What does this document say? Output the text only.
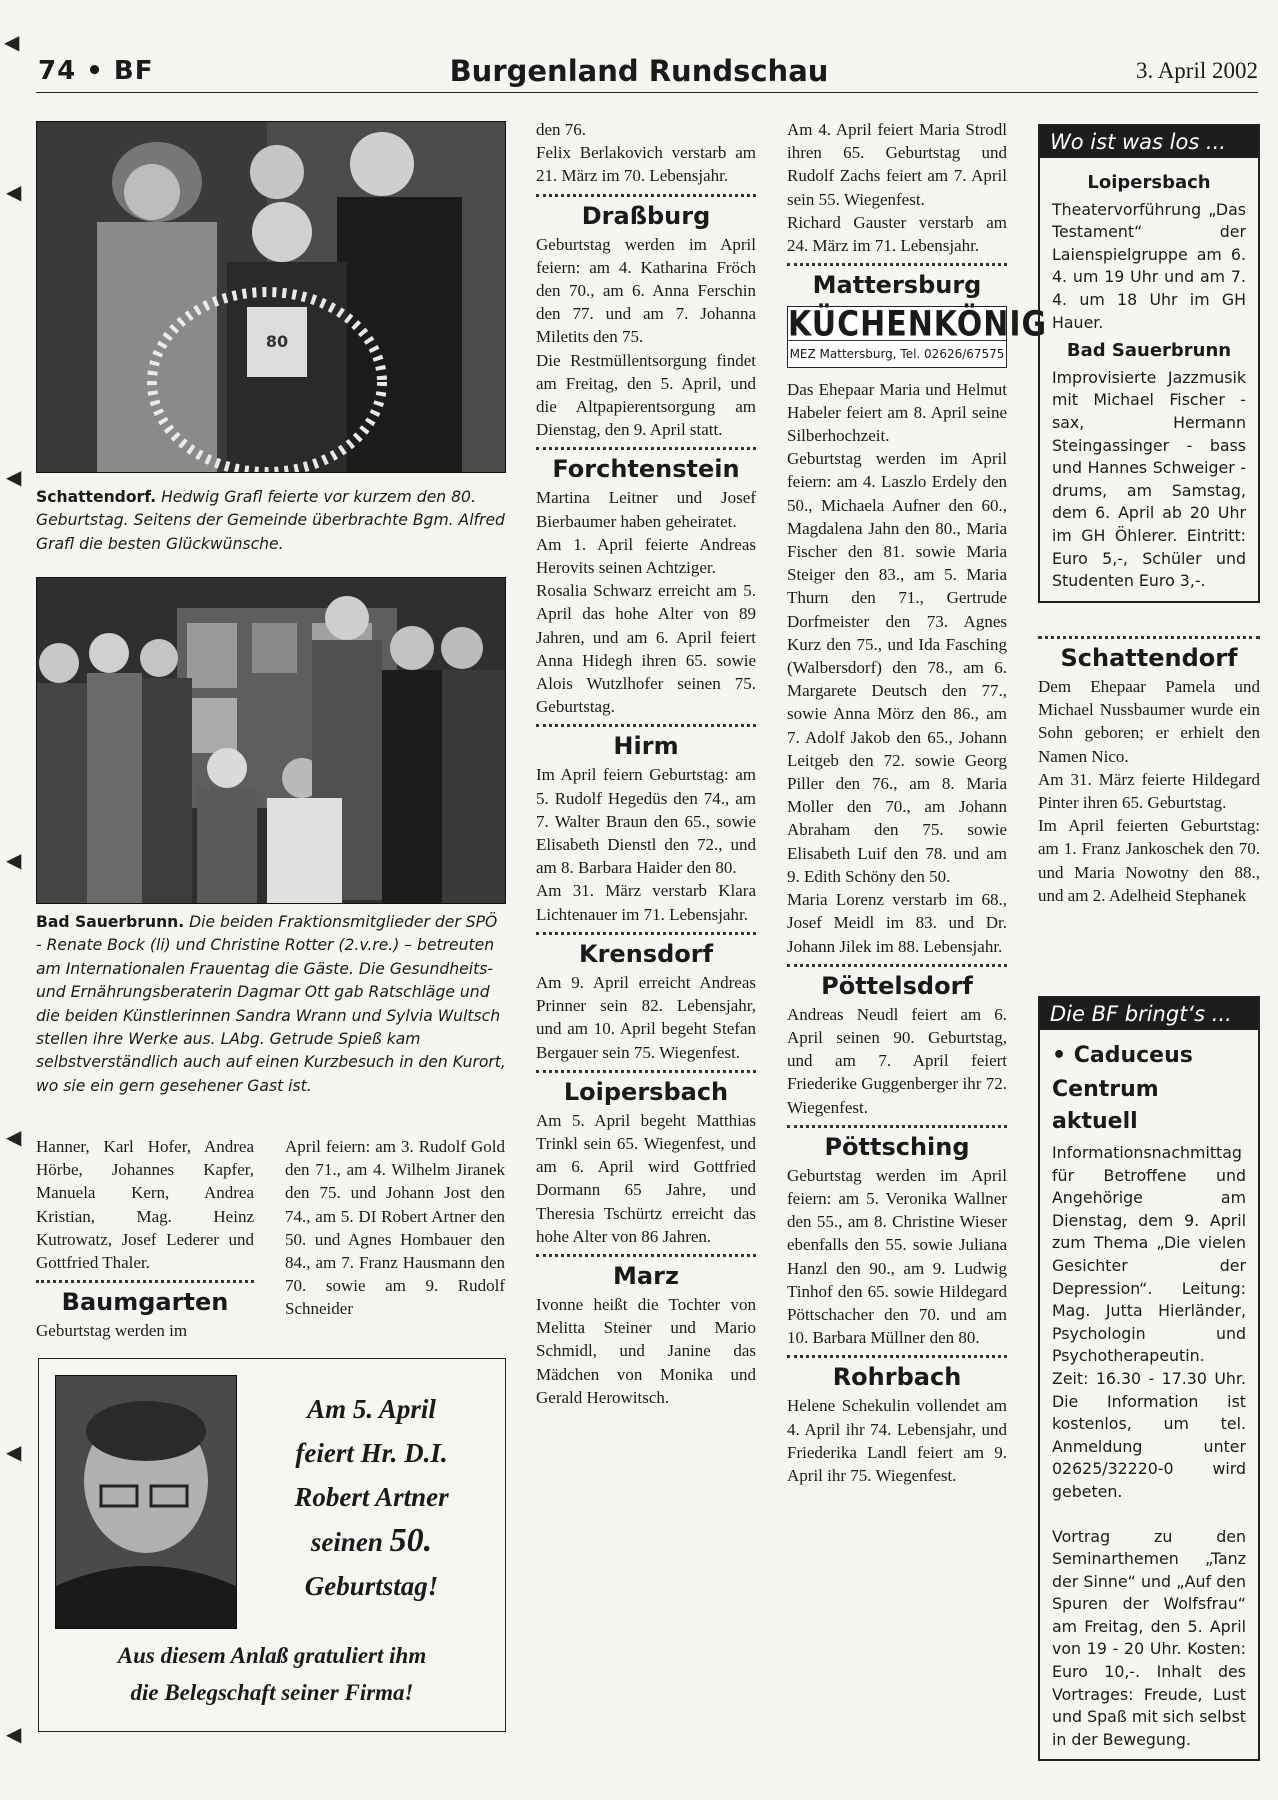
◀
◀
◀
◀
◀
◀
◀
74 • BF	Burgenland Rundschau	3. April 2002
80
Schattendorf. Hedwig Grafl feierte vor kurzem den 80. Geburtstag. Seitens der Gemeinde überbrachte Bgm. Alfred Grafl die besten Glückwünsche.
Bad Sauerbrunn. Die beiden Fraktionsmitglieder der SPÖ - Renate Bock (li) und Christine Rotter (2.v.re.) – betreuten am Internationalen Frauentag die Gäste. Die Gesundheits- und Ernährungsberaterin Dagmar Ott gab Ratschläge und die beiden Künstlerinnen Sandra Wrann und Sylvia Wultsch stellen ihre Werke aus. LAbg. Getrude Spieß kam selbstverständlich auch auf einen Kurzbesuch in den Kurort, wo sie ein gern gesehener Gast ist.

Hanner, Karl Hofer, Andrea Hörbe, Johannes Kapfer, Manuela Kern, Andrea Kristian, Mag. Heinz Kutrowatz, Josef Lederer und Gottfried Thaler.

Baumgarten

Geburtstag werden im

April feiern: am 3. Rudolf Gold den 71., am 4. Wilhelm Jiranek den 75. und Johann Jost den 74., am 5. DI Robert Artner den 50. und Agnes Hombauer den 84., am 7. Franz Hausmann den 70. sowie am 9. Rudolf Schneider

Am 5. April
feiert Hr. D.I.
Robert Artner
seinen 50.
Geburtstag!
Aus diesem Anlaß gratuliert ihm
die Belegschaft seiner Firma!

den 76.
Felix Berlakovich verstarb am 21. März im 70. Lebensjahr.

Draßburg

Geburtstag werden im April feiern: am 4. Katharina Fröch den 70., am 6. Anna Ferschin den 77. und am 7. Johanna Miletits den 75.

Die Restmüllentsorgung findet am Freitag, den 5. April, und die Altpapierentsorgung am Dienstag, den 9. April statt.

Forchtenstein

Martina Leitner und Josef Bierbaumer haben geheiratet.

Am 1. April feierte Andreas Herovits seinen Achtziger.

Rosalia Schwarz erreicht am 5. April das hohe Alter von 89 Jahren, und am 6. April feiert Anna Hidegh ihren 65. sowie Alois Wutzlhofer seinen 75. Geburtstag.

Hirm

Im April feiern Geburtstag: am 5. Rudolf Hegedüs den 74., am 7. Walter Braun den 65., sowie Elisabeth Dienstl den 72., und am 8. Barbara Haider den 80.

Am 31. März verstarb Klara Lichtenauer im 71. Lebensjahr.

Krensdorf

Am 9. April erreicht Andreas Prinner sein 82. Lebensjahr, und am 10. April begeht Stefan Bergauer sein 75. Wiegenfest.

Loipersbach

Am 5. April begeht Matthias Trinkl sein 65. Wiegenfest, und am 6. April wird Gottfried Dormann 65 Jahre, und Theresia Tschürtz erreicht das hohe Alter von 86 Jahren.

Marz

Ivonne heißt die Tochter von Melitta Steiner und Mario Schmidl, und Janine das Mädchen von Monika und Gerald Herowitsch.

Am 4. April feiert Maria Strodl ihren 65. Geburtstag und Rudolf Zachs feiert am 7. April sein 55. Wiegenfest.

Richard Gauster verstarb am 24. März im 71. Lebensjahr.

Mattersburg
KÜCHENKÖNIG
MEZ Mattersburg, Tel. 02626/67575

Das Ehepaar Maria und Helmut Habeler feiert am 8. April seine Silberhochzeit.

Geburtstag werden im April feiern: am 4. Laszlo Erdely den 50., Michaela Aufner den 60., Magdalena Jahn den 80., Maria Fischer den 81. sowie Maria Steiger den 83., am 5. Maria Thurn den 71., Gertrude Dorfmeister den 73. Agnes Kurz den 75., und Ida Fasching (Walbersdorf) den 78., am 6. Margarete Deutsch den 77., sowie Anna Mörz den 86., am 7. Adolf Jakob den 65., Johann Leitgeb den 72. sowie Georg Piller den 76., am 8. Maria Moller den 70., am Johann Abraham den 75. sowie Elisabeth Luif den 78. und am 9. Edith Schöny den 50.

Maria Lorenz verstarb im 68., Josef Meidl im 83. und Dr. Johann Jilek im 88. Lebensjahr.

Pöttelsdorf

Andreas Neudl feiert am 6. April seinen 90. Geburtstag, und am 7. April feiert Friederike Guggenberger ihr 72. Wiegenfest.

Pöttsching

Geburtstag werden im April feiern: am 5. Veronika Wallner den 55., am 8. Christine Wieser ebenfalls den 55. sowie Juliana Hanzl den 90., am 9. Ludwig Tinhof den 65. sowie Hildegard Pöttschacher den 70. und am 10. Barbara Müllner den 80.

Rohrbach

Helene Schekulin vollendet am 4. April ihr 74. Lebensjahr, und Friederika Landl feiert am 9. April ihr 75. Wiegenfest.

Wo ist was los ...
Loipersbach
Theatervorführung „Das Testament“ der Laienspielgruppe am 6. 4. um 19 Uhr und am 7. 4. um 18 Uhr im GH Hauer.
Bad Sauerbrunn
Improvisierte Jazzmusik mit Michael Fischer - sax, Hermann Steingassinger - bass und Hannes Schweiger - drums, am Samstag, dem 6. April ab 20 Uhr im GH Öhlerer. Eintritt: Euro 5,-, Schüler und Studenten Euro 3,-.
Schattendorf

Dem Ehepaar Pamela und Michael Nussbaumer wurde ein Sohn geboren; er erhielt den Namen Nico.

Am 31. März feierte Hildegard Pinter ihren 65. Geburtstag.

Im April feierten Geburtstag: am 1. Franz Jankoschek den 70. und Maria Nowotny den 88., und am 2. Adelheid Stephanek

Die BF bringt‘s ...
• Caduceus
Centrum aktuell
Informationsnachmittag für Betroffene und Angehörige am Dienstag, dem 9. April zum Thema „Die vielen Gesichter der Depression“. Leitung: Mag. Jutta Hierländer, Psychologin und Psychotherapeutin.
Zeit: 16.30 - 17.30 Uhr. Die Information ist kostenlos, um tel. Anmeldung unter 02625/32220-0 wird gebeten.
Vortrag zu den Seminarthemen „Tanz der Sinne“ und „Auf den Spuren der Wolfsfrau“ am Freitag, den 5. April von 19 - 20 Uhr. Kosten: Euro 10,-. Inhalt des Vortrages: Freude, Lust und Spaß mit sich selbst in der Bewegung.
